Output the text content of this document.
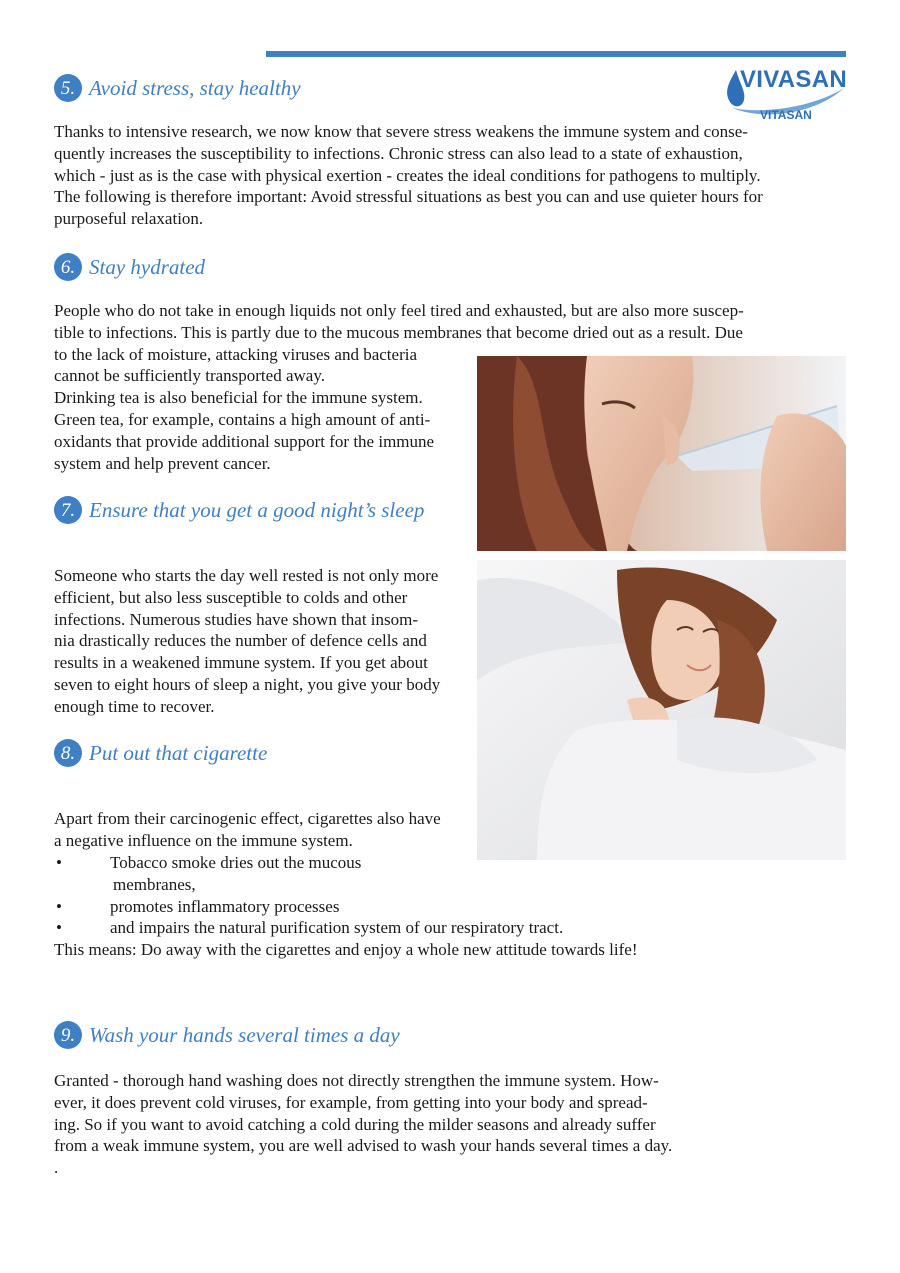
VIVASAN
VITASAN
5. Avoid stress, stay healthy
Thanks to intensive research, we now know that severe stress weakens the immune system and conse-
quently increases the susceptibility to infections. Chronic stress can also lead to a state of exhaustion,
which - just as is the case with physical exertion - creates the ideal conditions for pathogens to multiply.
The following is therefore important: Avoid stressful situations as best you can and use quieter hours for
purposeful relaxation.
6. Stay hydrated
People who do not take in enough liquids not only feel tired and exhausted, but are also more suscep-
tible to infections. This is partly due to the mucous membranes that become dried out as a result. Due
to the lack of moisture, attacking viruses and bacteria
cannot be sufficiently transported away.
Drinking tea is also beneficial for the immune system.
Green tea, for example, contains a high amount of anti-
oxidants that provide additional support for the immune
system and help prevent cancer.
7. Ensure that you get a good night’s sleep
Someone who starts the day well rested is not only more
efficient, but also less susceptible to colds and other
infections. Numerous studies have shown that insom-
nia drastically reduces the number of defence cells and
results in a weakened immune system. If you get about
seven to eight hours of sleep a night, you give your body
enough time to recover.
8. Put out that cigarette
Apart from their carcinogenic effect, cigarettes also have
a negative influence on the immune system.
•	Tobacco smoke dries out the mucous
membranes,
•	promotes inflammatory processes
•	and impairs the natural purification system of our respiratory tract.
This means: Do away with the cigarettes and enjoy a whole new attitude towards life!
9. Wash your hands several times a day
Granted - thorough hand washing does not directly strengthen the immune system. How-
ever, it does prevent cold viruses, for example, from getting into your body and spread-
ing. So if you want to avoid catching a cold during the milder seasons and already suffer
from a weak immune system, you are well advised to wash your hands several times a day.
.
